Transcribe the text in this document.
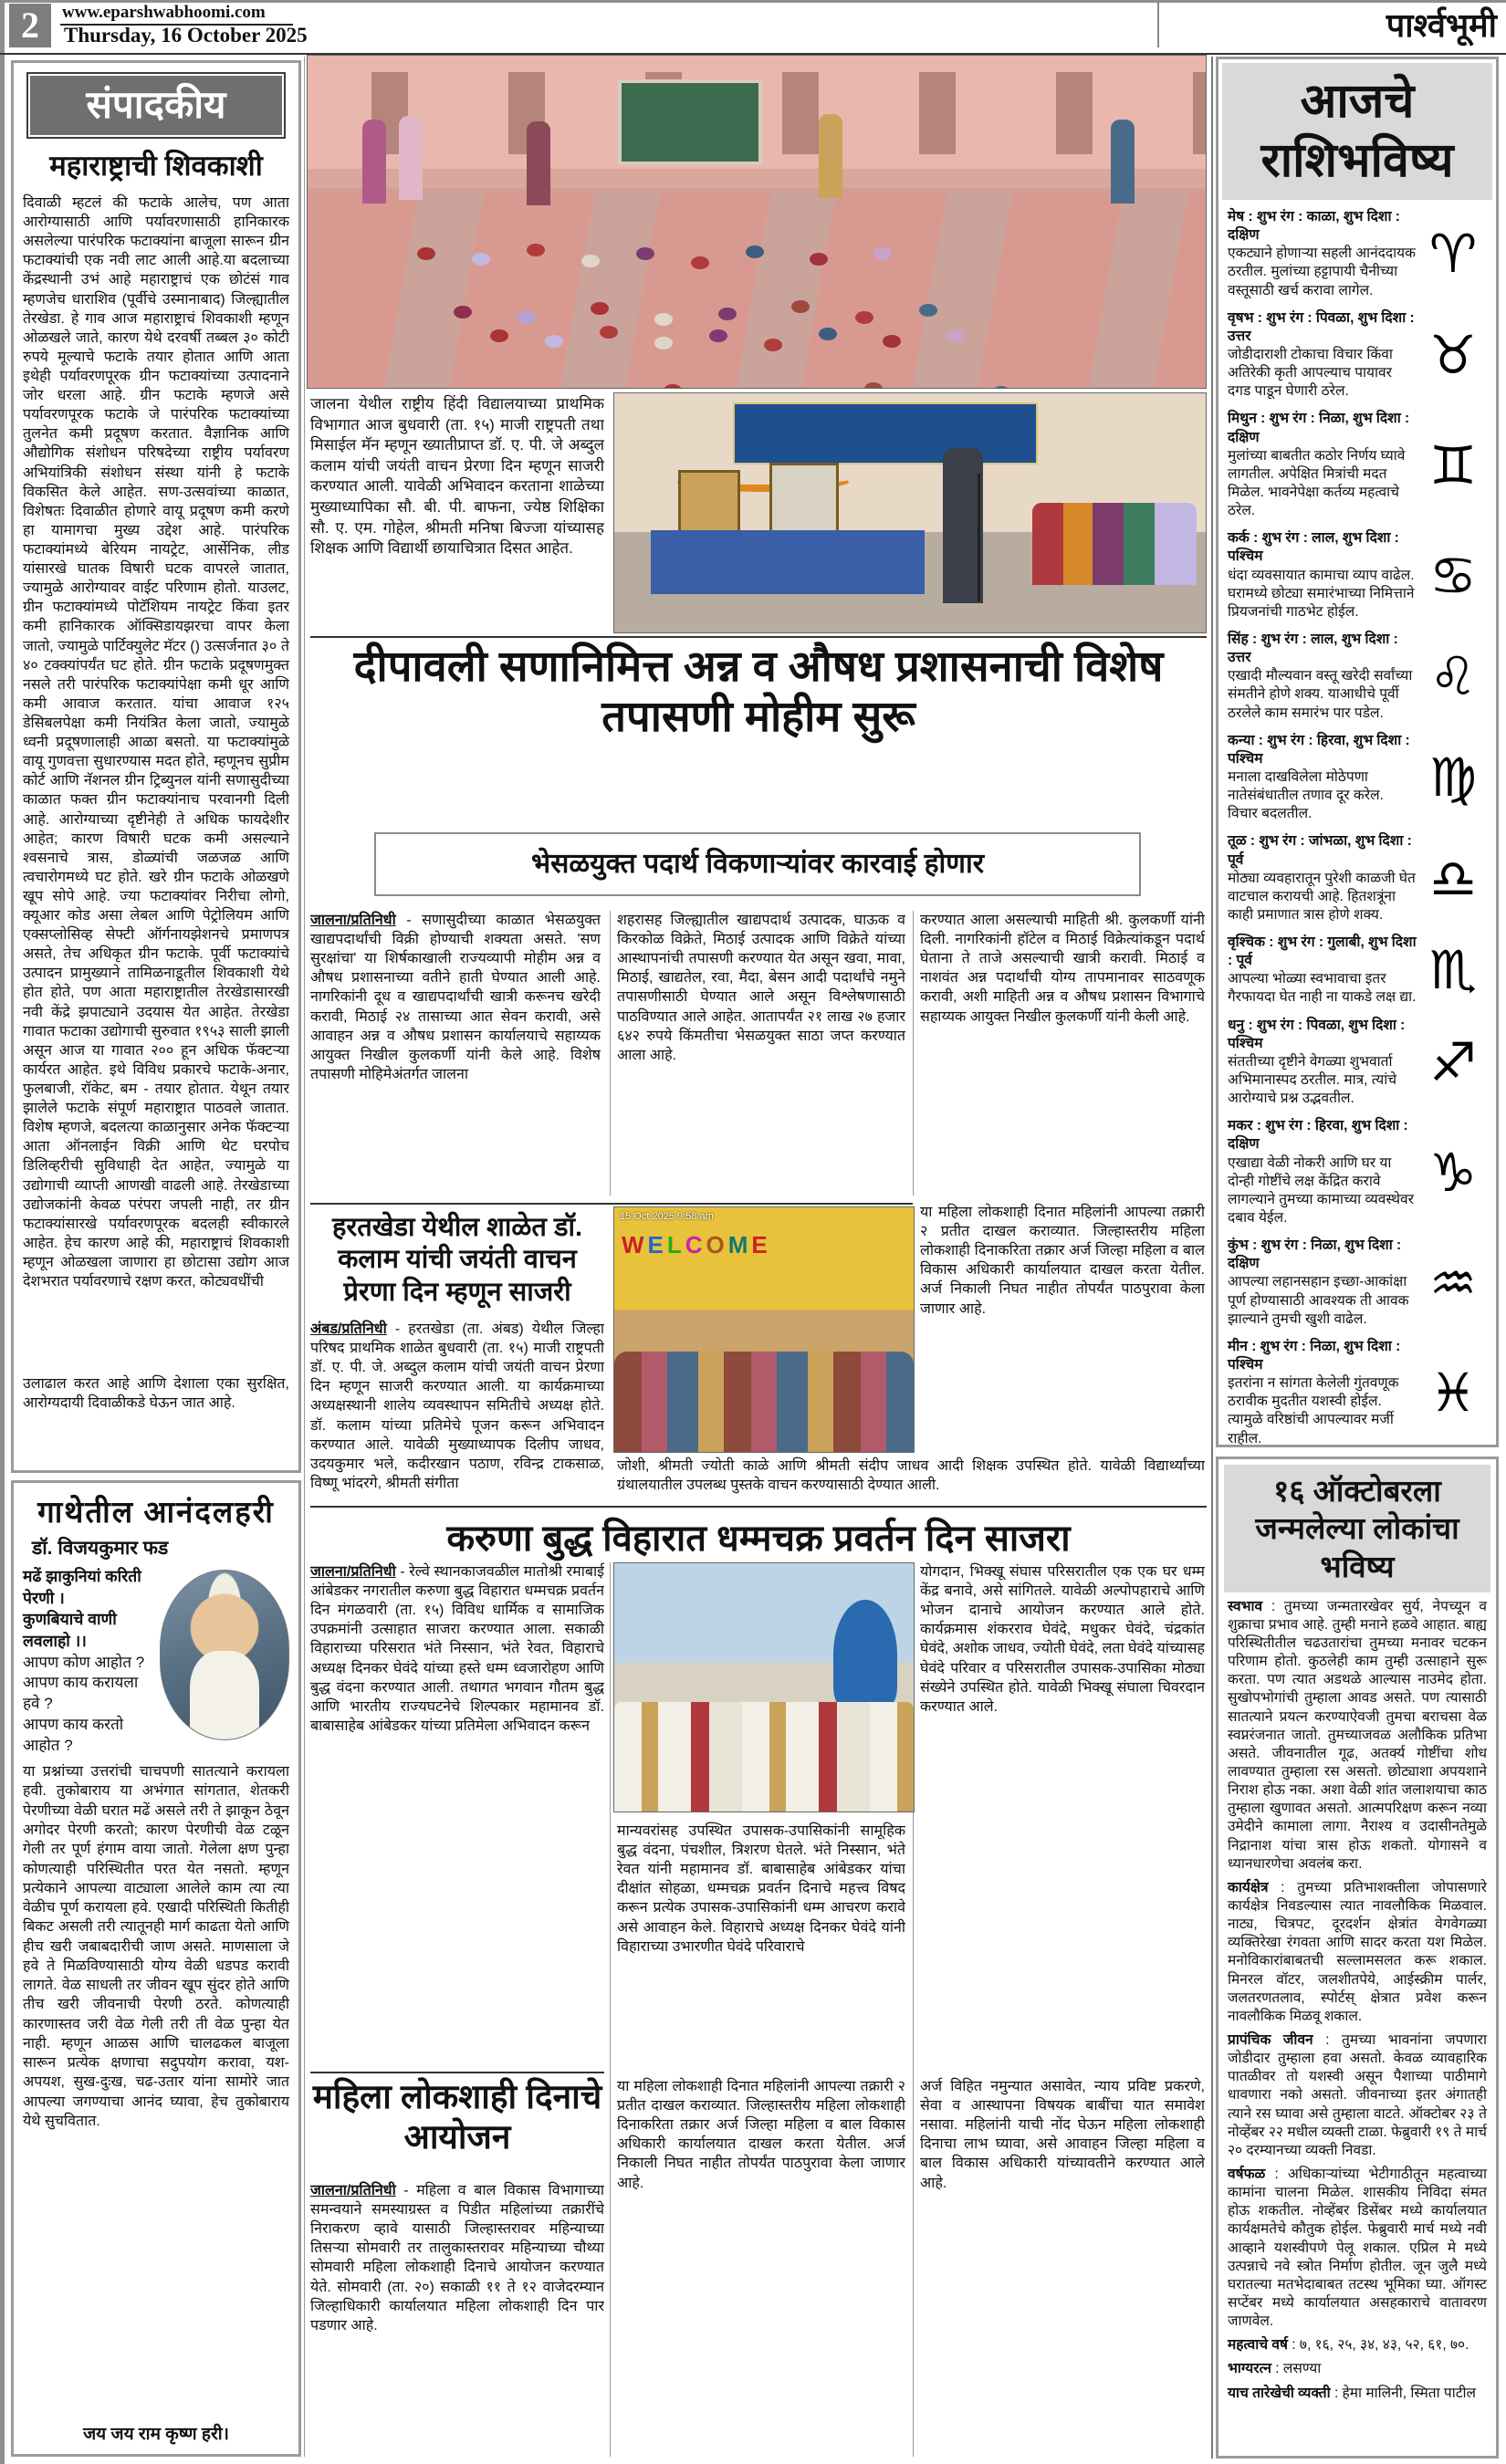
2	www.eparshwabhoomi.com
Thursday, 16 October 2025	पार्श्वभूमी
संपादकीय
महाराष्ट्राची शिवकाशी
दिवाळी म्हटलं की फटाके आलेच, पण आता आरोग्यासाठी आणि पर्यावरणासाठी हानिकारक असलेल्या पारंपरिक फटाक्यांना बाजूला सारून ग्रीन फटाक्यांची एक नवी लाट आली आहे.या बदलाच्या केंद्रस्थानी उभं आहे महाराष्ट्राचं एक छोटंसं गाव म्हणजेच धाराशिव (पूर्वीचे उस्मानाबाद) जिल्ह्यातील तेरखेडा. हे गाव आज महाराष्ट्राचं शिवकाशी म्हणून ओळखले जाते, कारण येथे दरवर्षी तब्बल ३० कोटी रुपये मूल्याचे फटाके तयार होतात आणि आता इथेही पर्यावरणपूरक ग्रीन फटाक्यांच्या उत्पादनाने जोर धरला आहे. ग्रीन फटाके म्हणजे असे पर्यावरणपूरक फटाके जे पारंपरिक फटाक्यांच्या तुलनेत कमी प्रदूषण करतात. वैज्ञानिक आणि औद्योगिक संशोधन परिषदेच्या राष्ट्रीय पर्यावरण अभियांत्रिकी संशोधन संस्था यांनी हे फटाके विकसित केले आहेत. सण-उत्सवांच्या काळात, विशेषतः दिवाळीत होणारे वायू प्रदूषण कमी करणे हा यामागचा मुख्य उद्देश आहे. पारंपरिक फटाक्यांमध्ये बेरियम नायट्रेट, आर्सेनिक, लीड यांसारखे घातक विषारी घटक वापरले जातात, ज्यामुळे आरोग्यावर वाईट परिणाम होतो. याउलट, ग्रीन फटाक्यांमध्ये पोटॅशियम नायट्रेट किंवा इतर कमी हानिकारक ऑक्सिडायझरचा वापर केला जातो, ज्यामुळे पार्टिक्युलेट मॅटर () उत्सर्जनात ३० ते ४० टक्क्यांपर्यंत घट होते. ग्रीन फटाके प्रदूषणमुक्त नसले तरी पारंपरिक फटाक्यांपेक्षा कमी धूर आणि कमी आवाज करतात. यांचा आवाज १२५ डेसिबलपेक्षा कमी नियंत्रित केला जातो, ज्यामुळे ध्वनी प्रदूषणालाही आळा बसतो. या फटाक्यांमुळे वायू गुणवत्ता सुधारण्यास मदत होते, म्हणूनच सुप्रीम कोर्ट आणि नॅशनल ग्रीन ट्रिब्युनल यांनी सणासुदीच्या काळात फक्त ग्रीन फटाक्यांनाच परवानगी दिली आहे. आरोग्याच्या दृष्टीनेही ते अधिक फायदेशीर आहेत; कारण विषारी घटक कमी असल्याने श्वसनाचे त्रास, डोळ्यांची जळजळ आणि त्वचारोगमध्ये घट होते. खरे ग्रीन फटाके ओळखणे खूप सोपे आहे. ज्या फटाक्यांवर निरीचा लोगो, क्यूआर कोड असा लेबल आणि पेट्रोलियम आणि एक्सप्लोसिव्ह सेफ्टी ऑर्गनायझेशनचे प्रमाणपत्र असते, तेच अधिकृत ग्रीन फटाके. पूर्वी फटाक्यांचे उत्पादन प्रामुख्याने तामिळनाडूतील शिवकाशी येथे होत होते, पण आता महाराष्ट्रातील तेरखेडासारखी नवी केंद्रे झपाट्याने उदयास येत आहेत. तेरखेडा गावात फटाका उद्योगाची सुरुवात १९५३ साली झाली असून आज या गावात २०० हून अधिक फॅक्टऱ्या कार्यरत आहेत. इथे विविध प्रकारचे फटाके-अनार, फुलबाजी, रॉकेट, बम - तयार होतात. येथून तयार झालेले फटाके संपूर्ण महाराष्ट्रात पाठवले जातात. विशेष म्हणजे, बदलत्या काळानुसार अनेक फॅक्टऱ्या आता ऑनलाईन विक्री आणि थेट घरपोच डिलिव्हरीची सुविधाही देत आहेत, ज्यामुळे या उद्योगाची व्याप्ती आणखी वाढली आहे. तेरखेडाच्या उद्योजकांनी केवळ परंपरा जपली नाही, तर ग्रीन फटाक्यांसारखे पर्यावरणपूरक बदलही स्वीकारले आहेत. हेच कारण आहे की, महाराष्ट्राचं शिवकाशी म्हणून ओळखला जाणारा हा छोटासा उद्योग आज देशभरात पर्यावरणाचे रक्षण करत, कोट्यवधींची
उलाढाल करत आहे आणि देशाला एका सुरक्षित, आरोग्यदायी दिवाळीकडे घेऊन जात आहे.
गाथेतील आनंदलहरी
डॉ. विजयकुमार फड
मढें झाकुनियां करिती पेरणी ।
कुणबियाचे वाणी लवलाहो ।।
आपण कोण आहोत ?
आपण काय करायला हवे ?
आपण काय करतो आहोत ?
या प्रश्नांच्या उत्तरांची चाचपणी सातत्याने करायला हवी. तुकोबाराय या अभंगात सांगतात, शेतकरी पेरणीच्या वेळी घरात मढें असले तरी ते झाकून ठेवून अगोदर पेरणी करतो; कारण पेरणीची वेळ टळून गेली तर पूर्ण हंगाम वाया जातो. गेलेला क्षण पुन्हा कोणत्याही परिस्थितीत परत येत नसतो. म्हणून प्रत्येकाने आपल्या वाट्याला आलेले काम त्या त्या वेळीच पूर्ण करायला हवे. एखादी परिस्थिती कितीही बिकट असली तरी त्यातूनही मार्ग काढता येतो आणि हीच खरी जबाबदारीची जाण असते. माणसाला जे हवे ते मिळविण्यासाठी योग्य वेळी धडपड करावी लागते. वेळ साधली तर जीवन खूप सुंदर होते आणि तीच खरी जीवनाची पेरणी ठरते. कोणत्याही कारणास्तव जरी वेळ गेली तरी ती वेळ पुन्हा येत नाही. म्हणून आळस आणि चालढकल बाजूला सारून प्रत्येक क्षणाचा सदुपयोग करावा, यश-अपयश, सुख-दुःख, चढ-उतार यांना सामोरे जात आपल्या जगण्याचा आनंद घ्यावा, हेच तुकोबाराय येथे सुचवितात.
जय जय राम कृष्ण हरी।
जालना येथील राष्ट्रीय हिंदी विद्यालयाच्या प्राथमिक विभागात आज बुधवारी (ता. १५) माजी राष्ट्रपती तथा मिसाईल मॅन म्हणून ख्यातीप्राप्त डॉ. ए. पी. जे अब्दुल कलाम यांची जयंती वाचन प्रेरणा दिन म्हणून साजरी करण्यात आली. यावेळी अभिवादन करताना शाळेच्या मुख्याध्यापिका सौ. बी. पी. बाफना, ज्येष्ठ शिक्षिका सौ. ए. एम. गोहेल, श्रीमती मनिषा बिज्जा यांच्यासह शिक्षक आणि विद्यार्थी छायाचित्रात दिसत आहेत.
दीपावली सणानिमित्त अन्न व औषध प्रशासनाची विशेष तपासणी मोहीम सुरू
भेसळयुक्त पदार्थ विकणाऱ्यांवर कारवाई होणार
जालना/प्रतिनिधी - सणासुदीच्या काळात भेसळयुक्त खाद्यपदार्थांची विक्री होण्याची शक्यता असते. 'सण सुरक्षांचा' या शिर्षकाखाली राज्यव्यापी मोहीम अन्न व औषध प्रशासनाच्या वतीने हाती घेण्यात आली आहे. नागरिकांनी दूध व खाद्यपदार्थांची खात्री करूनच खरेदी करावी, मिठाई २४ तासाच्या आत सेवन करावी, असे आवाहन अन्न व औषध प्रशासन कार्यालयाचे सहाय्यक आयुक्त निखील कुलकर्णी यांनी केले आहे. विशेष तपासणी मोहिमेअंतर्गत जालना
शहरासह जिल्ह्यातील खाद्यपदार्थ उत्पादक, घाऊक व किरकोळ विक्रेते, मिठाई उत्पादक आणि विक्रेते यांच्या आस्थापनांची तपासणी करण्यात येत असून खवा, मावा, मिठाई, खाद्यतेल, रवा, मैदा, बेसन आदी पदार्थांचे नमुने तपासणीसाठी घेण्यात आले असून विश्लेषणासाठी पाठविण्यात आले आहेत. आतापर्यंत २१ लाख २७ हजार ६४२ रुपये किंमतीचा भेसळयुक्त साठा जप्त करण्यात आला आहे.
करण्यात आला असल्याची माहिती श्री. कुलकर्णी यांनी दिली. नागरिकांनी हॉटेल व मिठाई विक्रेत्यांकडून पदार्थ घेताना ते ताजे असल्याची खात्री करावी. मिठाई व नाशवंत अन्न पदार्थांची योग्य तापमानावर साठवणूक करावी, अशी माहिती अन्न व औषध प्रशासन विभागाचे सहाय्यक आयुक्त निखील कुलकर्णी यांनी केली आहे.
हरतखेडा येथील शाळेत डॉ. कलाम यांची जयंती वाचन प्रेरणा दिन म्हणून साजरी
अंबड/प्रतिनिधी - हरतखेडा (ता. अंबड) येथील जिल्हा परिषद प्राथमिक शाळेत बुधवारी (ता. १५) माजी राष्ट्रपती डॉ. ए. पी. जे. अब्दुल कलाम यांची जयंती वाचन प्रेरणा दिन म्हणून साजरी करण्यात आली. या कार्यक्रमाच्या अध्यक्षस्थानी शालेय व्यवस्थापन समितीचे अध्यक्ष होते. डॉ. कलाम यांच्या प्रतिमेचे पूजन करून अभिवादन करण्यात आले. यावेळी मुख्याध्यापक दिलीप जाधव, उदयकुमार भले, कदीरखान पठाण, रविन्द्र टाकसाळ, विष्णू भांदरगे, श्रीमती संगीता
15 Oct 2025 9:58 am
WELCOME
जोशी, श्रीमती ज्योती काळे आणि श्रीमती संदीप जाधव आदी शिक्षक उपस्थित होते. यावेळी विद्यार्थ्यांच्या ग्रंथालयातील उपलब्ध पुस्तके वाचन करण्यासाठी देण्यात आली.
या महिला लोकशाही दिनात महिलांनी आपल्या तक्रारी २ प्रतीत दाखल कराव्यात. जिल्हास्तरीय महिला लोकशाही दिनाकरिता तक्रार अर्ज जिल्हा महिला व बाल विकास अधिकारी कार्यालयात दाखल करता येतील. अर्ज निकाली निघत नाहीत तोपर्यंत पाठपुरावा केला जाणार आहे.
करुणा बुद्ध विहारात धम्मचक्र प्रवर्तन दिन साजरा
जालना/प्रतिनिधी - रेल्वे स्थानकाजवळील मातोश्री रमाबाई आंबेडकर नगरातील करुणा बुद्ध विहारात धम्मचक्र प्रवर्तन दिन मंगळवारी (ता. १५) विविध धार्मिक व सामाजिक उपक्रमांनी उत्साहात साजरा करण्यात आला. सकाळी विहाराच्या परिसरात भंते निस्सान, भंते रेवत, विहाराचे अध्यक्ष दिनकर घेवंदे यांच्या हस्ते धम्म ध्वजारोहण आणि बुद्ध वंदना करण्यात आली. तथागत भगवान गौतम बुद्ध आणि भारतीय राज्यघटनेचे शिल्पकार महामानव डॉ. बाबासाहेब आंबेडकर यांच्या प्रतिमेला अभिवादन करून
मान्यवरांसह उपस्थित उपासक-उपासिकांनी सामूहिक बुद्ध वंदना, पंचशील, त्रिशरण घेतले. भंते निस्सान, भंते रेवत यांनी महामानव डॉ. बाबासाहेब आंबेडकर यांचा दीक्षांत सोहळा, धम्मचक्र प्रवर्तन दिनाचे महत्त्व विषद करून प्रत्येक उपासक-उपासिकांनी धम्म आचरण करावे असे आवाहन केले. विहाराचे अध्यक्ष दिनकर घेवंदे यांनी विहाराच्या उभारणीत घेवंदे परिवाराचे
योगदान, भिक्खू संघास परिसरातील एक एक घर धम्म केंद्र बनावे, असे सांगितले. यावेळी अल्पोपहाराचे आणि भोजन दानाचे आयोजन करण्यात आले होते. कार्यक्रमास शंकरराव घेवंदे, मधुकर घेवंदे, चंद्रकांत घेवंदे, अशोक जाधव, ज्योती घेवंदे, लता घेवंदे यांच्यासह घेवंदे परिवार व परिसरातील उपासक-उपासिका मोठ्या संख्येने उपस्थित होते. यावेळी भिक्खू संघाला चिवरदान करण्यात आले.
महिला लोकशाही दिनाचे आयोजन
जालना/प्रतिनिधी - महिला व बाल विकास विभागाच्या समन्वयाने समस्याग्रस्त व पिडीत महिलांच्या तक्रारींचे निराकरण व्हावे यासाठी जिल्हास्तरावर महिन्याच्या तिसऱ्या सोमवारी तर तालुकास्तरावर महिन्याच्या चौथ्या सोमवारी महिला लोकशाही दिनाचे आयोजन करण्यात येते. सोमवारी (ता. २०) सकाळी ११ ते १२ वाजेदरम्यान जिल्हाधिकारी कार्यालयात महिला लोकशाही दिन पार पडणार आहे.
या महिला लोकशाही दिनात महिलांनी आपल्या तक्रारी २ प्रतीत दाखल कराव्यात. जिल्हास्तरीय महिला लोकशाही दिनाकरिता तक्रार अर्ज जिल्हा महिला व बाल विकास अधिकारी कार्यालयात दाखल करता येतील. अर्ज निकाली निघत नाहीत तोपर्यंत पाठपुरावा केला जाणार आहे.
अर्ज विहित नमुन्यात असावेत, न्याय प्रविष्ट प्रकरणे, सेवा व आस्थापना विषयक बाबींचा यात समावेश नसावा. महिलांनी याची नोंद घेऊन महिला लोकशाही दिनाचा लाभ घ्यावा, असे आवाहन जिल्हा महिला व बाल विकास अधिकारी यांच्यावतीने करण्यात आले आहे.
आजचे
राशिभविष्य
मेष : शुभ रंग : काळा, शुभ दिशा : दक्षिण
एकट्याने होणाऱ्या सहली आनंददायक ठरतील. मुलांच्या हट्टापायी चैनीच्या वस्तूसाठी खर्च करावा लागेल.
♈
वृषभ : शुभ रंग : पिवळा, शुभ दिशा : उत्तर
जोडीदाराशी टोकाचा विचार किंवा अतिरेकी कृती आपल्याच पायावर दगड पाडून घेणारी ठरेल.
♉
मिथुन : शुभ रंग : निळा, शुभ दिशा : दक्षिण
मुलांच्या बाबतीत कठोर निर्णय घ्यावे लागतील. अपेक्षित मित्रांची मदत मिळेल. भावनेपेक्षा कर्तव्य महत्वाचे ठरेल.
♊
कर्क : शुभ रंग : लाल, शुभ दिशा : पश्चिम
धंदा व्यवसायात कामाचा व्याप वाढेल. घरामध्ये छोट्या समारंभाच्या निमित्ताने प्रियजनांची गाठभेट होईल.
♋
सिंह : शुभ रंग : लाल, शुभ दिशा : उत्तर
एखादी मौल्यवान वस्तू खरेदी सर्वांच्या संमतीने होणे शक्य. याआधीचे पूर्वी ठरलेले काम समारंभ पार पडेल.
♌
कन्या : शुभ रंग : हिरवा, शुभ दिशा : पश्चिम
मनाला दाखविलेला मोठेपणा नातेसंबंधातील तणाव दूर करेल. विचार बदलतील.
♍
तूळ : शुभ रंग : जांभळा, शुभ दिशा : पूर्व
मोठ्या व्यवहारातून पुरेशी काळजी घेत वाटचाल करायची आहे. हितशत्रूंना काही प्रमाणात त्रास होणे शक्य.
♎
वृश्चिक : शुभ रंग : गुलाबी, शुभ दिशा : पूर्व
आपल्या भोळ्या स्वभावाचा इतर गैरफायदा घेत नाही ना याकडे लक्ष द्या. ♏
धनु : शुभ रंग : पिवळा, शुभ दिशा : पश्चिम
संततीच्या दृष्टीने वेगळ्या शुभवार्ता अभिमानास्पद ठरतील. मात्र, त्यांचे आरोग्याचे प्रश्न उद्भवतील.
♐
मकर : शुभ रंग : हिरवा, शुभ दिशा : दक्षिण
एखाद्या वेळी नोकरी आणि घर या दोन्ही गोष्टींचे लक्ष केंद्रित करावे लागल्याने तुमच्या कामाच्या व्यवस्थेवर दबाव येईल.
♑
कुंभ : शुभ रंग : निळा, शुभ दिशा : दक्षिण
आपल्या लहानसहान इच्छा-आकांक्षा पूर्ण होण्यासाठी आवश्यक ती आवक झाल्याने तुमची खुशी वाढेल.
♒
मीन : शुभ रंग : निळा, शुभ दिशा : पश्चिम
इतरांना न सांगता केलेली गुंतवणूक ठरावीक मुदतीत यशस्वी होईल. त्यामुळे वरिष्ठांची आपल्यावर मर्जी राहील.
♓
१६ ऑक्टोबरला
जन्मलेल्या लोकांचा भविष्य
स्वभाव : तुमच्या जन्मतारखेवर सुर्य, नेपच्यून व शुक्राचा प्रभाव आहे. तुम्ही मनाने हळवे आहात. बाह्य परिस्थितीतील चढउतारांचा तुमच्या मनावर चटकन परिणाम होतो. कुठलेही काम तुम्ही उत्साहाने सुरू करता. पण त्यात अडथळे आल्यास नाउमेद होता. सुखोपभोगांची तुम्हाला आवड असते. पण त्यासाठी सातत्याने प्रयत्न करण्याऐवजी तुमचा बराचसा वेळ स्वप्नरंजनात जातो. तुमच्याजवळ अलौकिक प्रतिभा असते. जीवनातील गूढ, अतर्क्य गोष्टींचा शोध लावण्यात तुम्हाला रस असतो. छोट्याशा अपयशाने निराश होऊ नका. अशा वेळी शांत जलाशयाचा काठ तुम्हाला खुणावत असतो. आत्मपरिक्षण करून नव्या उमेदीने कामाला लागा. नैराश्य व उदासीनतेमुळे निद्रानाश यांचा त्रास होऊ शकतो. योगासने व ध्यानधारणेचा अवलंब करा.
कार्यक्षेत्र : तुमच्या प्रतिभाशक्तीला जोपासणारे कार्यक्षेत्र निवडल्यास त्यात नावलौकिक मिळवाल. नाट्य, चित्रपट, दूरदर्शन क्षेत्रांत वेगवेगळ्या व्यक्तिरेखा रंगवता आणि सादर करता यश मिळेल. मनोविकारांबाबतची सल्लामसलत करू शकाल. मिनरल वॉटर, जलशीतपेये, आईस्क्रीम पार्लर, जलतरणतलाव, स्पोर्टस् क्षेत्रात प्रवेश करून नावलौकिक मिळवू शकाल.
प्रापंचिक जीवन : तुमच्या भावनांना जपणारा जोडीदार तुम्हाला हवा असतो. केवळ व्यावहारिक पातळीवर तो यशस्वी असून पैशाच्या पाठीमागे धावणारा नको असतो. जीवनाच्या इतर अंगातही त्याने रस घ्यावा असे तुम्हाला वाटते. ऑक्टोबर २३ ते नोव्हेंबर २२ मधील व्यक्ती टाळा. फेब्रुवारी १९ ते मार्च २० दरम्यानच्या व्यक्ती निवडा.
वर्षफळ : अधिकाऱ्यांच्या भेटीगाठीतून महत्वाच्या कामांना चालना मिळेल. शासकीय निविदा संमत होऊ शकतील. नोव्हेंबर डिसेंबर मध्ये कार्यालयात कार्यक्षमतेचे कौतुक होईल. फेब्रुवारी मार्च मध्ये नवी आव्हाने यशस्वीपणे पेलू शकाल. एप्रिल मे मध्ये उत्पन्नाचे नवे स्त्रोत निर्माण होतील. जून जुलै मध्ये घरातल्या मतभेदाबाबत तटस्थ भूमिका घ्या. ऑगस्ट सप्टेंबर मध्ये कार्यालयात असहकाराचे वातावरण जाणवेल.
महत्वाचे वर्ष : ७, १६, २५, ३४, ४३, ५२, ६१, ७०.
भाग्यरत्न : लसण्या
याच तारेखेची व्यक्ती : हेमा मालिनी, स्मिता पाटील
